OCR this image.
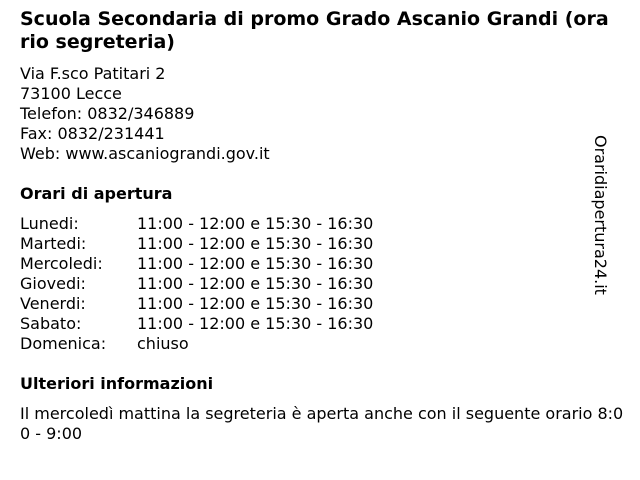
Scuola Secondaria di promo Grado Ascanio Grandi (orario segreteria)
Via F.sco Patitari 2
73100 Lecce
Telefon: 0832/346889
Fax: 0832/231441
Web: www.ascaniograndi.gov.it
Orari di apertura
Lunedi:	11:00 - 12:00 e 15:30 - 16:30
Martedi:	11:00 - 12:00 e 15:30 - 16:30
Mercoledi:	11:00 - 12:00 e 15:30 - 16:30
Giovedi:	11:00 - 12:00 e 15:30 - 16:30
Venerdi:	11:00 - 12:00 e 15:30 - 16:30
Sabato:	11:00 - 12:00 e 15:30 - 16:30
Domenica:	chiuso
Ulteriori informazioni
Il mercoledì mattina la segreteria è aperta anche con il seguente orario 8:00 - 9:00
Oraridiapertura24.it
